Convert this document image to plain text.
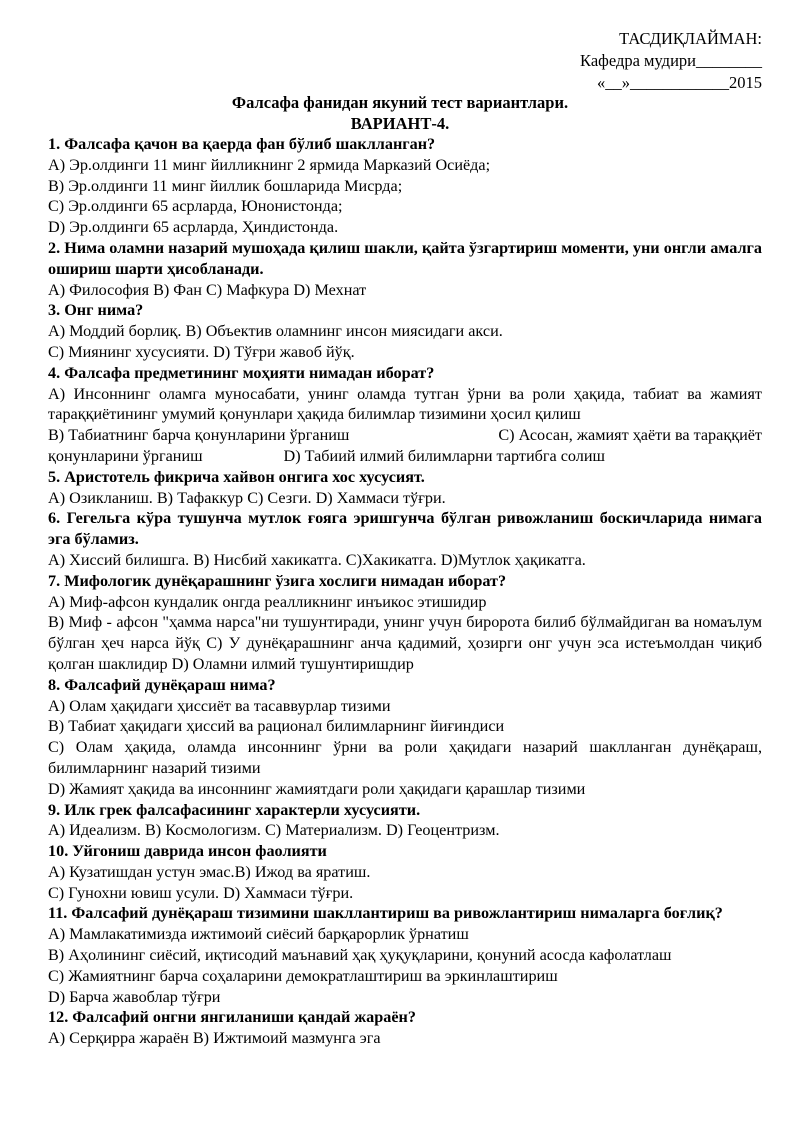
ТАСДИҚЛАЙМАН:
Кафедра мудири________
«__»____________2015
Фалсафа фанидан якуний тест вариантлари.
ВАРИАНТ-4.
1. Фалсафа қачон ва қаерда фан бўлиб шаклланган?
A) Эр.олдинги 11 минг йилликнинг 2 ярмида Марказий Осиёда;
B) Эр.олдинги 11 минг йиллик бошларида Мисрда;
C) Эр.олдинги 65 асрларда, Юнонистонда;
D) Эр.олдинги 65 асрларда, Ҳиндистонда.
2. Нима оламни назарий мушоҳада қилиш шакли, қайта ўзгартириш моменти, уни онгли амалга ошириш шарти ҳисобланади.
A) Философия B) Фан C) Мафкура D) Мехнат
3. Онг нима?
A) Моддий борлиқ. B) Объектив оламнинг инсон миясидаги акси.
C) Миянинг хусусияти. D) Тўғри жавоб йўқ.
4. Фалсафа предметининг моҳияти нимадан иборат?
A) Инсоннинг оламга муносабати, унинг оламда тутган ўрни ва роли ҳақида, табиат ва жамият тараққиётининг умумий қонунлари ҳақида билимлар тизимини ҳосил қилиш
B) Табиатнинг барча қонунларини ўрганиш	C) Асосан, жамият ҳаёти ва тараққиёт
қонунларини ўрганиш                    D) Табиий илмий билимларни тартибга солиш
5. Аристотель фикрича хайвон онгига хос хусусият.
A) Озикланиш. B) Тафаккур C) Сезги. D) Хаммаси тўғри.
6. Гегельга кўра тушунча мутлок ғояга эришгунча бўлган ривожланиш боскичларида нимага эга бўламиз.
A) Хиссий билишга. B) Нисбий хакикатга. C)Хакикатга. D)Мутлок ҳақикатга.
7. Мифологик дунёқарашнинг ўзига хослиги нимадан иборат?
A) Миф-афсон кундалик онгда реалликнинг инъикос этишидир
B) Миф - афсон "ҳамма нарса"ни тушунтиради, унинг учун биророта билиб бўлмайдиган ва номаълум бўлган ҳеч нарса йўқ C) У дунёқарашнинг анча қадимий, ҳозирги онг учун эса истеъмолдан чиқиб қолган шаклидир D) Оламни илмий тушунтиришдир
8. Фалсафий дунёқараш нима?
A) Олам ҳақидаги ҳиссиёт ва тасаввурлар тизими
B) Табиат ҳақидаги ҳиссий ва рационал билимларнинг йиғиндиси
C) Олам ҳақида, оламда инсоннинг ўрни ва роли ҳақидаги назарий шаклланган дунёқараш, билимларнинг назарий тизими
D) Жамият ҳақида ва инсоннинг жамиятдаги роли ҳақидаги қарашлар тизими
9. Илк грек фалсафасининг характерли хусусияти.
A) Идеализм. B) Космологизм. C) Материализм. D) Геоцентризм.
10. Уйгониш даврида инсон фаолияти
A) Кузатишдан устун эмас.B) Ижод ва яратиш.
C) Гунохни ювиш усули. D) Хаммаси тўғри.
11. Фалсафий дунёқараш тизимини шакллантириш ва ривожлантириш нималарга боғлиқ?
A) Мамлакатимизда ижтимоий сиёсий барқарорлик ўрнатиш
B) Аҳолининг сиёсий, иқтисодий маънавий ҳақ ҳуқуқларини, қонуний асосда кафолатлаш
C) Жамиятнинг барча соҳаларини демократлаштириш ва эркинлаштириш
D) Барча жавоблар тўғри
12. Фалсафий онгни янгиланиши қандай жараён?
A) Серқирра жараён B) Ижтимоий мазмунга эга
